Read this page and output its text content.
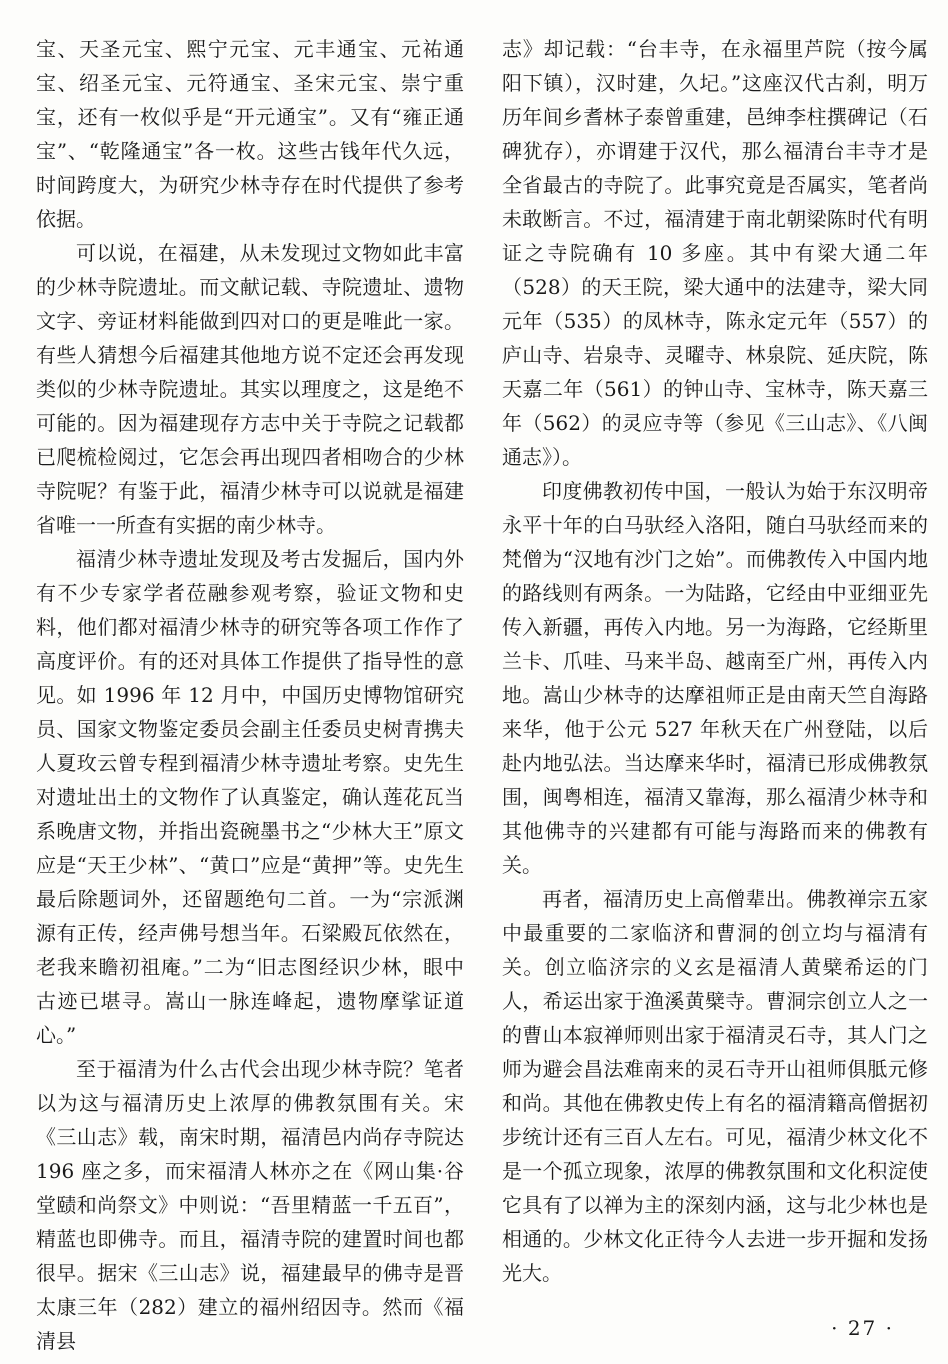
宝、天圣元宝、熙宁元宝、元丰通宝、元祐通宝、绍圣元宝、元符通宝、圣宋元宝、崇宁重宝，还有一枚似乎是“开元通宝”。又有“雍正通宝”、“乾隆通宝”各一枚。这些古钱年代久远，时间跨度大，为研究少林寺存在时代提供了参考依据。

可以说，在福建，从未发现过文物如此丰富的少林寺院遗址。而文献记载、寺院遗址、遗物文字、旁证材料能做到四对口的更是唯此一家。有些人猜想今后福建其他地方说不定还会再发现类似的少林寺院遗址。其实以理度之，这是绝不可能的。因为福建现存方志中关于寺院之记载都已爬梳检阅过，它怎会再出现四者相吻合的少林寺院呢？有鉴于此，福清少林寺可以说就是福建省唯一一所查有实据的南少林寺。

福清少林寺遗址发现及考古发掘后，国内外有不少专家学者莅融参观考察，验证文物和史料，他们都对福清少林寺的研究等各项工作作了高度评价。有的还对具体工作提供了指导性的意见。如 1996 年 12 月中，中国历史博物馆研究员、国家文物鉴定委员会副主任委员史树青携夫人夏玫云曾专程到福清少林寺遗址考察。史先生对遗址出土的文物作了认真鉴定，确认莲花瓦当系晚唐文物，并指出瓷碗墨书之“少林大王”原文应是“天王少林”、“黄口”应是“黄押”等。史先生最后除题词外，还留题绝句二首。一为“宗派渊源有正传，经声佛号想当年。石梁殿瓦依然在，老我来瞻初祖庵。”二为“旧志图经识少林，眼中古迹已堪寻。嵩山一脉连峰起，遗物摩挲证道心。”

至于福清为什么古代会出现少林寺院？笔者以为这与福清历史上浓厚的佛教氛围有关。宋《三山志》载，南宋时期，福清邑内尚存寺院达 196 座之多，而宋福清人林亦之在《网山集·谷堂赜和尚祭文》中则说：“吾里精蓝一千五百”，精蓝也即佛寺。而且，福清寺院的建置时间也都很早。据宋《三山志》说，福建最早的佛寺是晋太康三年（282）建立的福州绍因寺。然而《福清县

志》却记载：“台丰寺，在永福里芦院（按今属阳下镇），汉时建，久圮。”这座汉代古刹，明万历年间乡耆林子泰曾重建，邑绅李柱撰碑记（石碑犹存），亦谓建于汉代，那么福清台丰寺才是全省最古的寺院了。此事究竟是否属实，笔者尚未敢断言。不过，福清建于南北朝梁陈时代有明证之寺院确有 10 多座。其中有梁大通二年（528）的天王院，梁大通中的法建寺，梁大同元年（535）的凤林寺，陈永定元年（557）的庐山寺、岩泉寺、灵曜寺、林泉院、延庆院，陈天嘉二年（561）的钟山寺、宝林寺，陈天嘉三年（562）的灵应寺等（参见《三山志》、《八闽通志》）。

印度佛教初传中国，一般认为始于东汉明帝永平十年的白马驮经入洛阳，随白马驮经而来的梵僧为“汉地有沙门之始”。而佛教传入中国内地的路线则有两条。一为陆路，它经由中亚细亚先传入新疆，再传入内地。另一为海路，它经斯里兰卡、爪哇、马来半岛、越南至广州，再传入内地。嵩山少林寺的达摩祖师正是由南天竺自海路来华，他于公元 527 年秋天在广州登陆，以后赴内地弘法。当达摩来华时，福清已形成佛教氛围，闽粤相连，福清又靠海，那么福清少林寺和其他佛寺的兴建都有可能与海路而来的佛教有关。

再者，福清历史上高僧辈出。佛教禅宗五家中最重要的二家临济和曹洞的创立均与福清有关。创立临济宗的义玄是福清人黄檗希运的门人，希运出家于渔溪黄檗寺。曹洞宗创立人之一的曹山本寂禅师则出家于福清灵石寺，其人门之师为避会昌法难南来的灵石寺开山祖师俱胝元修和尚。其他在佛教史传上有名的福清籍高僧据初步统计还有三百人左右。可见，福清少林文化不是一个孤立现象，浓厚的佛教氛围和文化积淀使它具有了以禅为主的深刻内涵，这与北少林也是相通的。少林文化正待今人去进一步开掘和发扬光大。

· 27 ·
